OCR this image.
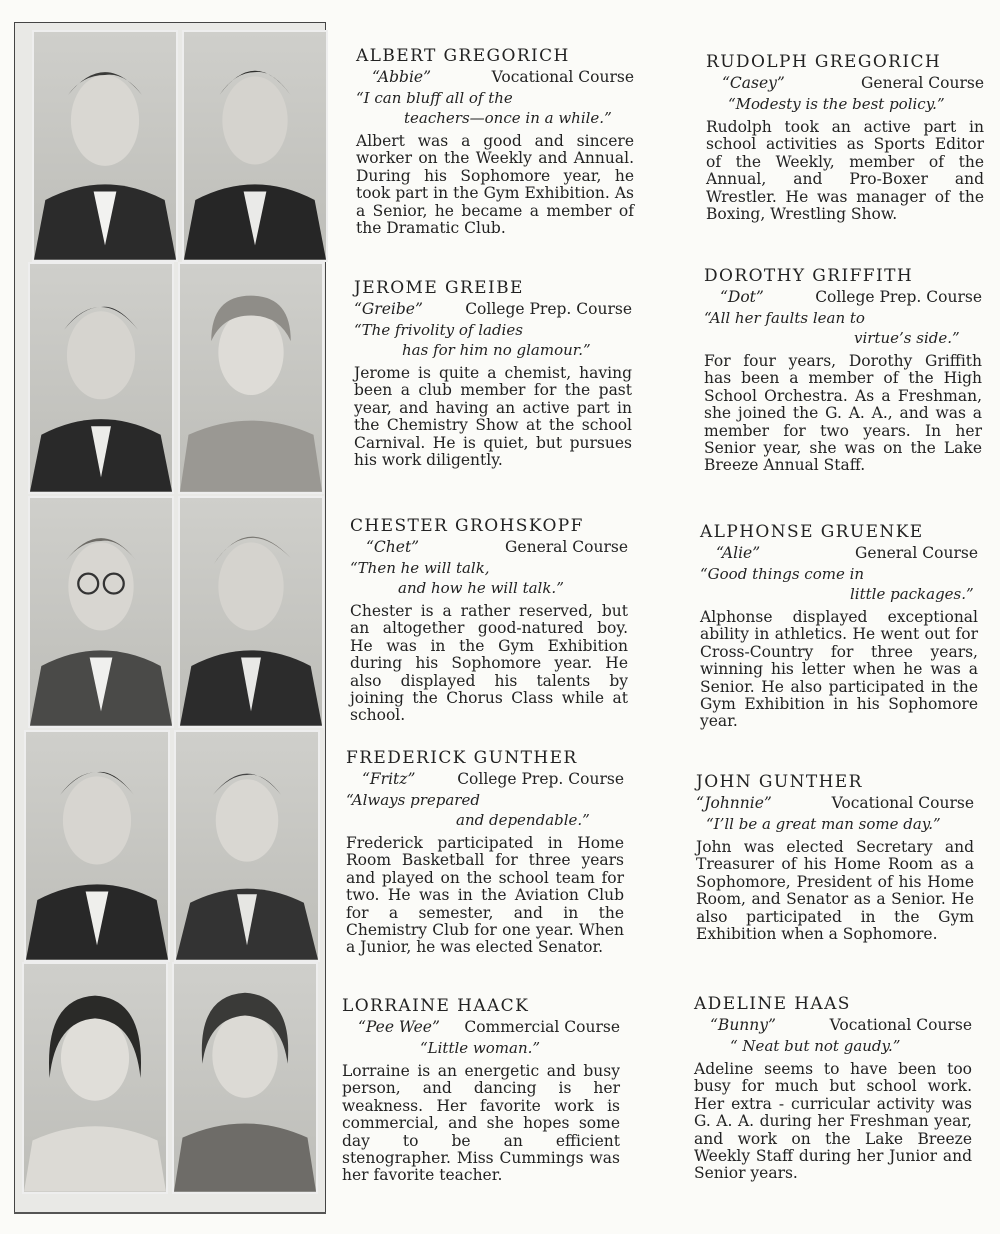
ALBERT GREGORICH
“Abbie”	Vocational Course
“I can bluff all of the
teachers—once in a while.”
Albert was a good and sincere worker on the Weekly and Annual. During his Sophomore year, he took part in the Gym Exhibition. As a Senior, he became a member of the Dramatic Club.
JEROME GREIBE
“Greibe”	College Prep. Course
“The frivolity of ladies
has for him no glamour.”
Jerome is quite a chemist, having been a club member for the past year, and having an active part in the Chemistry Show at the school Carnival. He is quiet, but pursues his work diligently.
CHESTER GROHSKOPF
“Chet”	General Course
“Then he will talk,
and how he will talk.”
Chester is a rather reserved, but an altogether good-natured boy. He was in the Gym Exhibition during his Sophomore year. He also displayed his talents by joining the Chorus Class while at school.
FREDERICK GUNTHER
“Fritz”	College Prep. Course
“Always prepared
and dependable.”
Frederick participated in Home Room Basketball for three years and played on the school team for two. He was in the Aviation Club for a semester, and in the Chemistry Club for one year. When a Junior, he was elected Senator.
LORRAINE HAACK
“Pee Wee” Commercial Course
“Little woman.”
Lorraine is an energetic and busy person, and dancing is her weakness. Her favorite work is commercial, and she hopes some day to be an efficient stenographer. Miss Cummings was her favorite teacher.
RUDOLPH GREGORICH
“Casey”	General Course
“Modesty is the best policy.”
Rudolph took an active part in school activities as Sports Editor of the Weekly, member of the Annual, and Pro-Boxer and Wrestler. He was manager of the Boxing, Wrestling Show.
DOROTHY GRIFFITH
“Dot”	College Prep. Course
“All her faults lean to
virtue’s side.”
For four years, Dorothy Griffith has been a member of the High School Orchestra. As a Freshman, she joined the G. A. A., and was a member for two years. In her Senior year, she was on the Lake Breeze Annual Staff.
ALPHONSE GRUENKE
“Alie”	General Course
“Good things come in
little packages.”
Alphonse displayed exceptional ability in athletics. He went out for Cross-Country for three years, winning his letter when he was a Senior. He also participated in the Gym Exhibition in his Sophomore year.
JOHN GUNTHER
“Johnnie”	Vocational Course
“I’ll be a great man some day.”
John was elected Secretary and Treasurer of his Home Room as a Sophomore, President of his Home Room, and Senator as a Senior. He also participated in the Gym Exhibition when a Sophomore.
ADELINE HAAS
“Bunny”	Vocational Course
“ Neat but not gaudy.”
Adeline seems to have been too busy for much but school work. Her extra - curricular activity was G. A. A. during her Freshman year, and work on the Lake Breeze Weekly Staff during her Junior and Senior years.
